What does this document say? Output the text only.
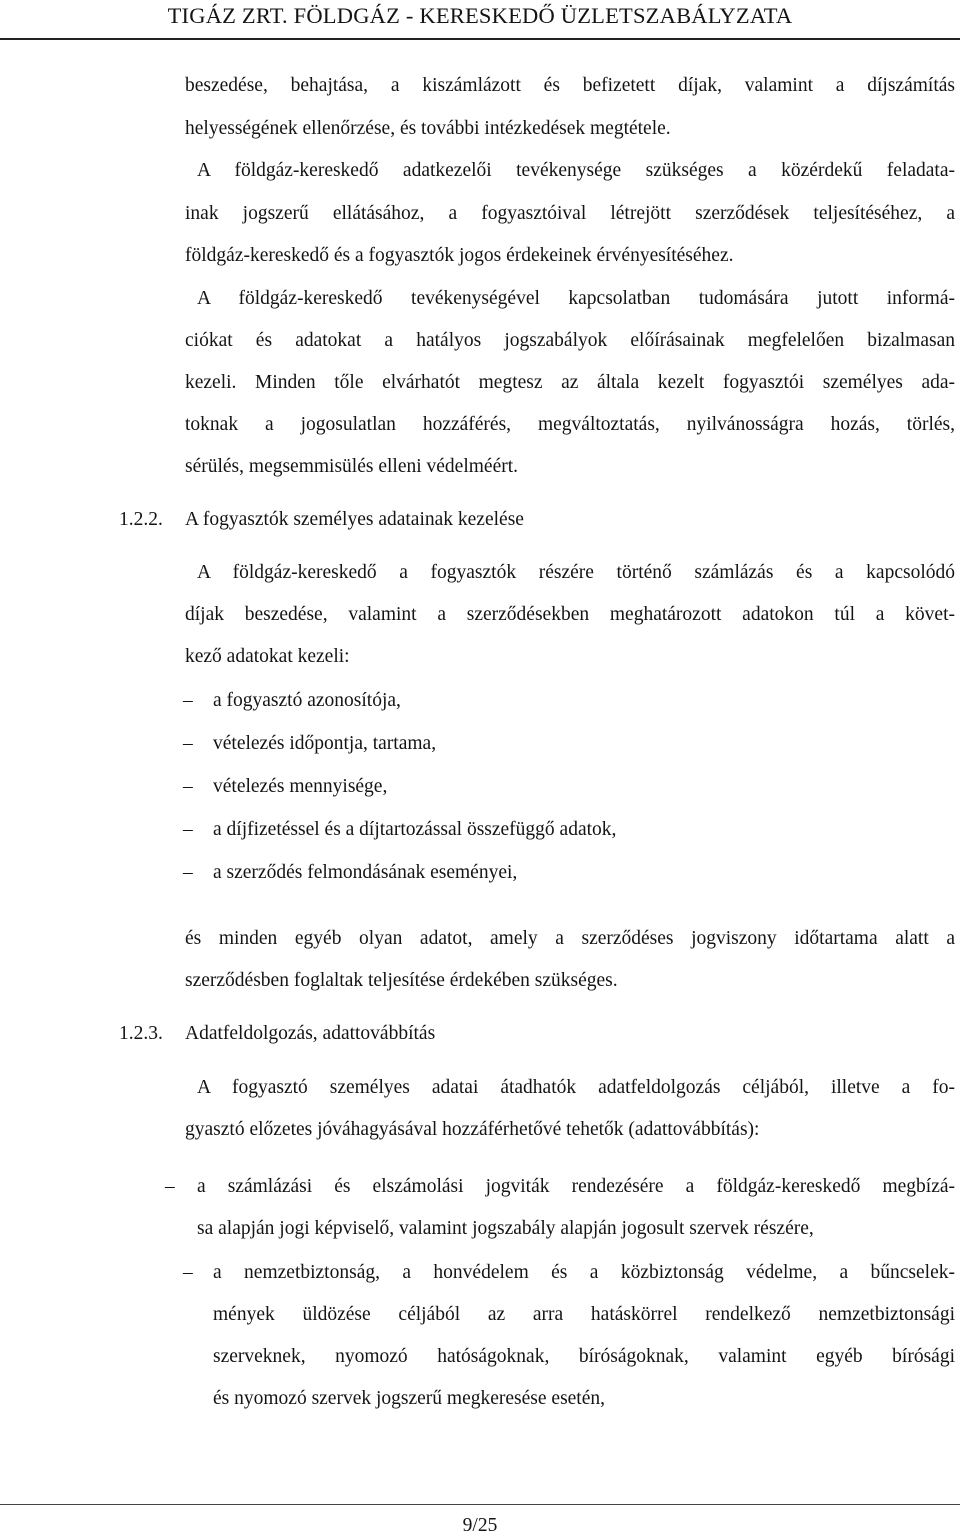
TIGÁZ ZRT. FÖLDGÁZ - KERESKEDŐ ÜZLETSZABÁLYZATA
beszedése, behajtása, a kiszámlázott és befizetett díjak, valamint a díjszámítás
helyességének ellenőrzése, és további intézkedések megtétele.
A földgáz-kereskedő adatkezelői tevékenysége szükséges a közérdekű feladata-
inak jogszerű ellátásához, a fogyasztóival létrejött szerződések teljesítéséhez, a
földgáz-kereskedő és a fogyasztók jogos érdekeinek érvényesítéséhez.
A földgáz-kereskedő tevékenységével kapcsolatban tudomására jutott informá-
ciókat és adatokat a hatályos jogszabályok előírásainak megfelelően bizalmasan
kezeli. Minden tőle elvárhatót megtesz az általa kezelt fogyasztói személyes ada-
toknak a jogosulatlan hozzáférés, megváltoztatás, nyilvánosságra hozás, törlés,
sérülés, megsemmisülés elleni védelméért.
1.2.2. A fogyasztók személyes adatainak kezelése
A földgáz-kereskedő a fogyasztók részére történő számlázás és a kapcsolódó
díjak beszedése, valamint a szerződésekben meghatározott adatokon túl a követ-
kező adatokat kezeli:
– a fogyasztó azonosítója,
– vételezés időpontja, tartama,
– vételezés mennyisége,
– a díjfizetéssel és a díjtartozással összefüggő adatok,
– a szerződés felmondásának eseményei,
és minden egyéb olyan adatot, amely a szerződéses jogviszony időtartama alatt a
szerződésben foglaltak teljesítése érdekében szükséges.
1.2.3. Adatfeldolgozás, adattovábbítás
A fogyasztó személyes adatai átadhatók adatfeldolgozás céljából, illetve a fo-
gyasztó előzetes jóváhagyásával hozzáférhetővé tehetők (adattovábbítás):
– a számlázási és elszámolási jogviták rendezésére a földgáz-kereskedő megbízá-
sa alapján jogi képviselő, valamint jogszabály alapján jogosult szervek részére,
– a nemzetbiztonság, a honvédelem és a közbiztonság védelme, a bűncselek-
mények üldözése céljából az arra hatáskörrel rendelkező nemzetbiztonsági
szerveknek, nyomozó hatóságoknak, bíróságoknak, valamint egyéb bírósági
és nyomozó szervek jogszerű megkeresése esetén,
9/25
